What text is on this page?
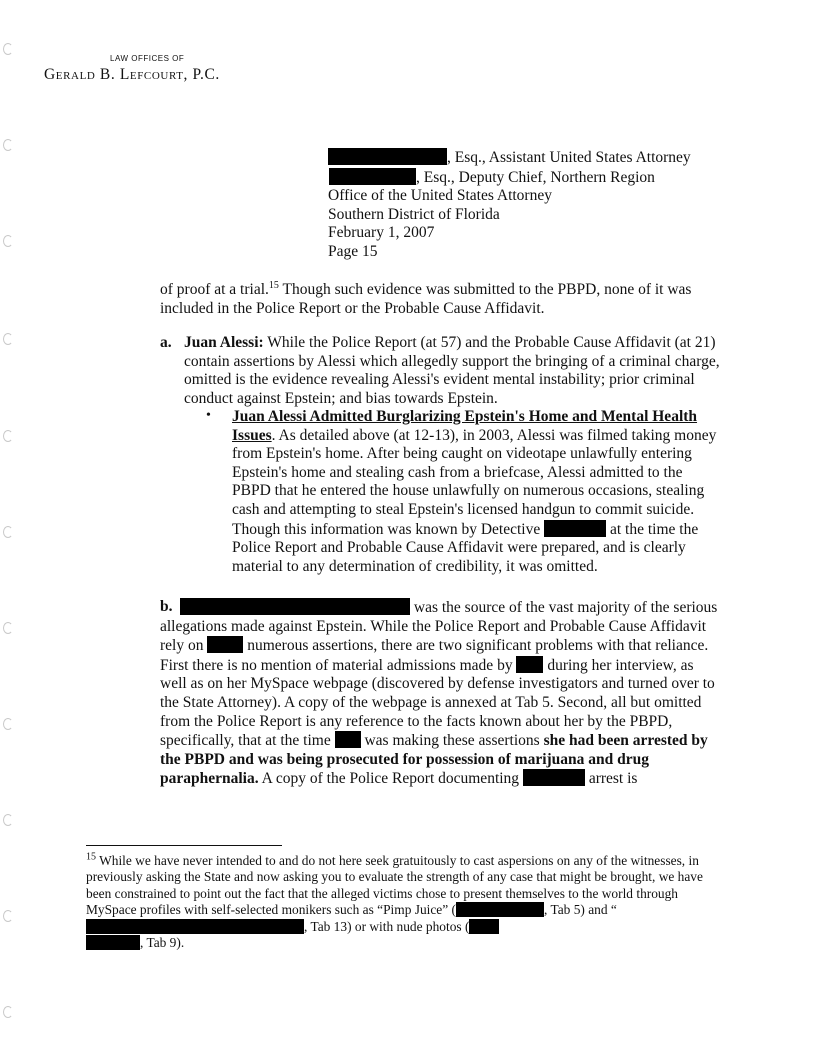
LAW OFFICES OF
Gerald B. Lefcourt, P.C.
, Esq., Assistant United States Attorney
, Esq., Deputy Chief, Northern Region
Office of the United States Attorney
Southern District of Florida
February 1, 2007
Page 15
of proof at a trial.$^{15}$ Though such evidence was submitted to the PBPD, none of it was included in the Police Report or the Probable Cause Affidavit.
a. Juan Alessi: While the Police Report (at 57) and the Probable Cause Affidavit (at 21) contain assertions by Alessi which allegedly support the bringing of a criminal charge, omitted is the evidence revealing Alessi's evident mental instability; prior criminal conduct against Epstein; and bias towards Epstein.
• Juan Alessi Admitted Burglarizing Epstein's Home and Mental Health Issues. As detailed above (at 12-13), in 2003, Alessi was filmed taking money from Epstein's home. After being caught on videotape unlawfully entering Epstein's home and stealing cash from a briefcase, Alessi admitted to the PBPD that he entered the house unlawfully on numerous occasions, stealing cash and attempting to steal Epstein's licensed handgun to commit suicide. Though this information was known by Detective	at the time the Police Report and Probable Cause Affidavit were prepared, and is clearly material to any determination of credibility, it was omitted.
b.	was the source of the vast majority of the serious allegations made against Epstein. While the Police Report and Probable Cause Affidavit rely on  numerous assertions, there are two significant problems with that reliance. First there is no mention of material admissions made by  during her interview, as well as on her MySpace webpage (discovered by defense investigators and turned over to the State Attorney). A copy of the webpage is annexed at Tab 5. Second, all but omitted from the Police Report is any reference to the facts known about her by the PBPD, specifically, that at the time  was making these assertions she had been arrested by the PBPD and was being prosecuted for possession of marijuana and drug paraphernalia. A copy of the Police Report documenting	arrest is
$^{15}$ While we have never intended to and do not here seek gratuitously to cast aspersions on any of the witnesses, in previously asking the State and now asking you to evaluate the strength of any case that might be brought, we have been constrained to point out the fact that the alleged victims chose to present themselves to the world through MySpace profiles with self-selected monikers such as “Pimp Juice” (	, Tab 5) and “, Tab 13) or with nude photos (
, Tab 9).
